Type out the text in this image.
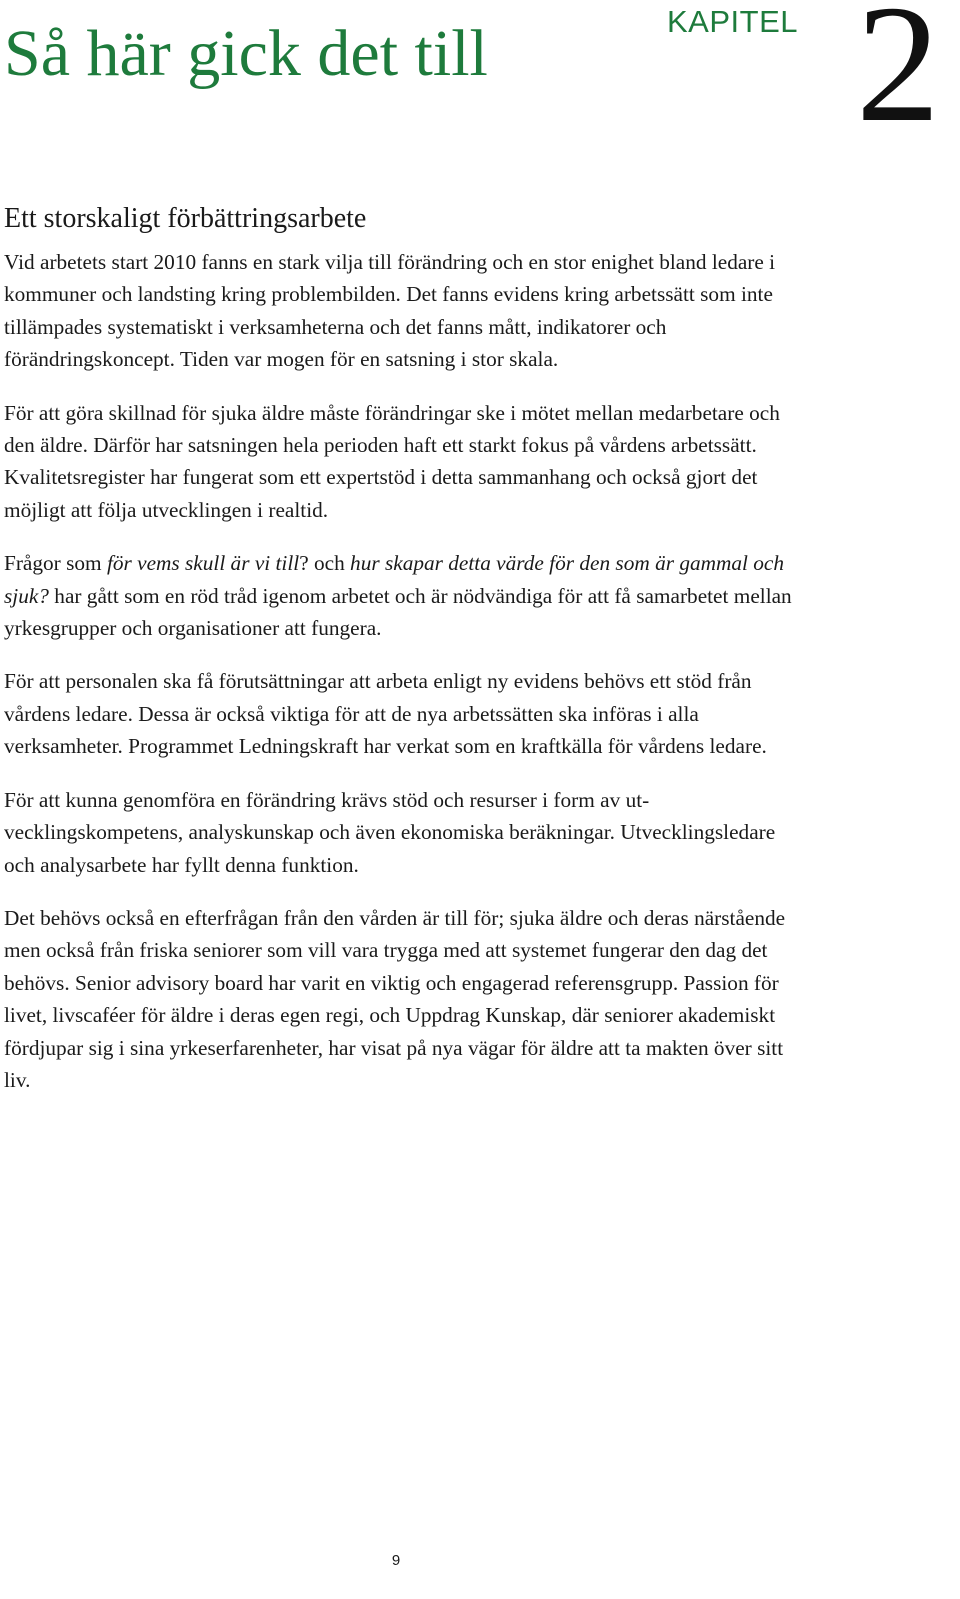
Så här gick det till	KAPITEL 2
Ett storskaligt förbättringsarbete

Vid arbetets start 2010 fanns en stark vilja till förändring och en stor enighet bland ledare i kommuner och landsting kring problembilden. Det fanns evidens kring arbetssätt som inte tillämpades systematiskt i verksamheterna och det fanns mått, indikatorer och förändringskoncept. Tiden var mogen för en satsning i stor skala.

För att göra skillnad för sjuka äldre måste förändringar ske i mötet mellan medarbetare och den äldre. Därför har satsningen hela perioden haft ett starkt fokus på vårdens arbetssätt. Kvalitetsregister har fungerat som ett expertstöd i detta sammanhang och också gjort det möjligt att följa utvecklingen i realtid.

Frågor som för vems skull är vi till? och hur skapar detta värde för den som är gammal och sjuk? har gått som en röd tråd igenom arbetet och är nödvändiga för att få samarbetet mellan yrkesgrupper och organisationer att fungera.

För att personalen ska få förutsättningar att arbeta enligt ny evidens behövs ett stöd från vårdens ledare. Dessa är också viktiga för att de nya arbetssätten ska införas i alla verksamheter. Programmet Ledningskraft har verkat som en kraftkälla för vårdens ledare.

För att kunna genomföra en förändring krävs stöd och resurser i form av utvecklingskompetens, analyskunskap och även ekonomiska beräkningar. Utvecklingsledare och analysarbete har fyllt denna funktion.

Det behövs också en efterfrågan från den vården är till för; sjuka äldre och deras närstående men också från friska seniorer som vill vara trygga med att systemet fungerar den dag det behövs. Senior advisory board har varit en viktig och engagerad referensgrupp. Passion för livet, livscaféer för äldre i deras egen regi, och Uppdrag Kunskap, där seniorer akademiskt fördjupar sig i sina yrkeserfarenheter, har visat på nya vägar för äldre att ta makten över sitt liv.

9
